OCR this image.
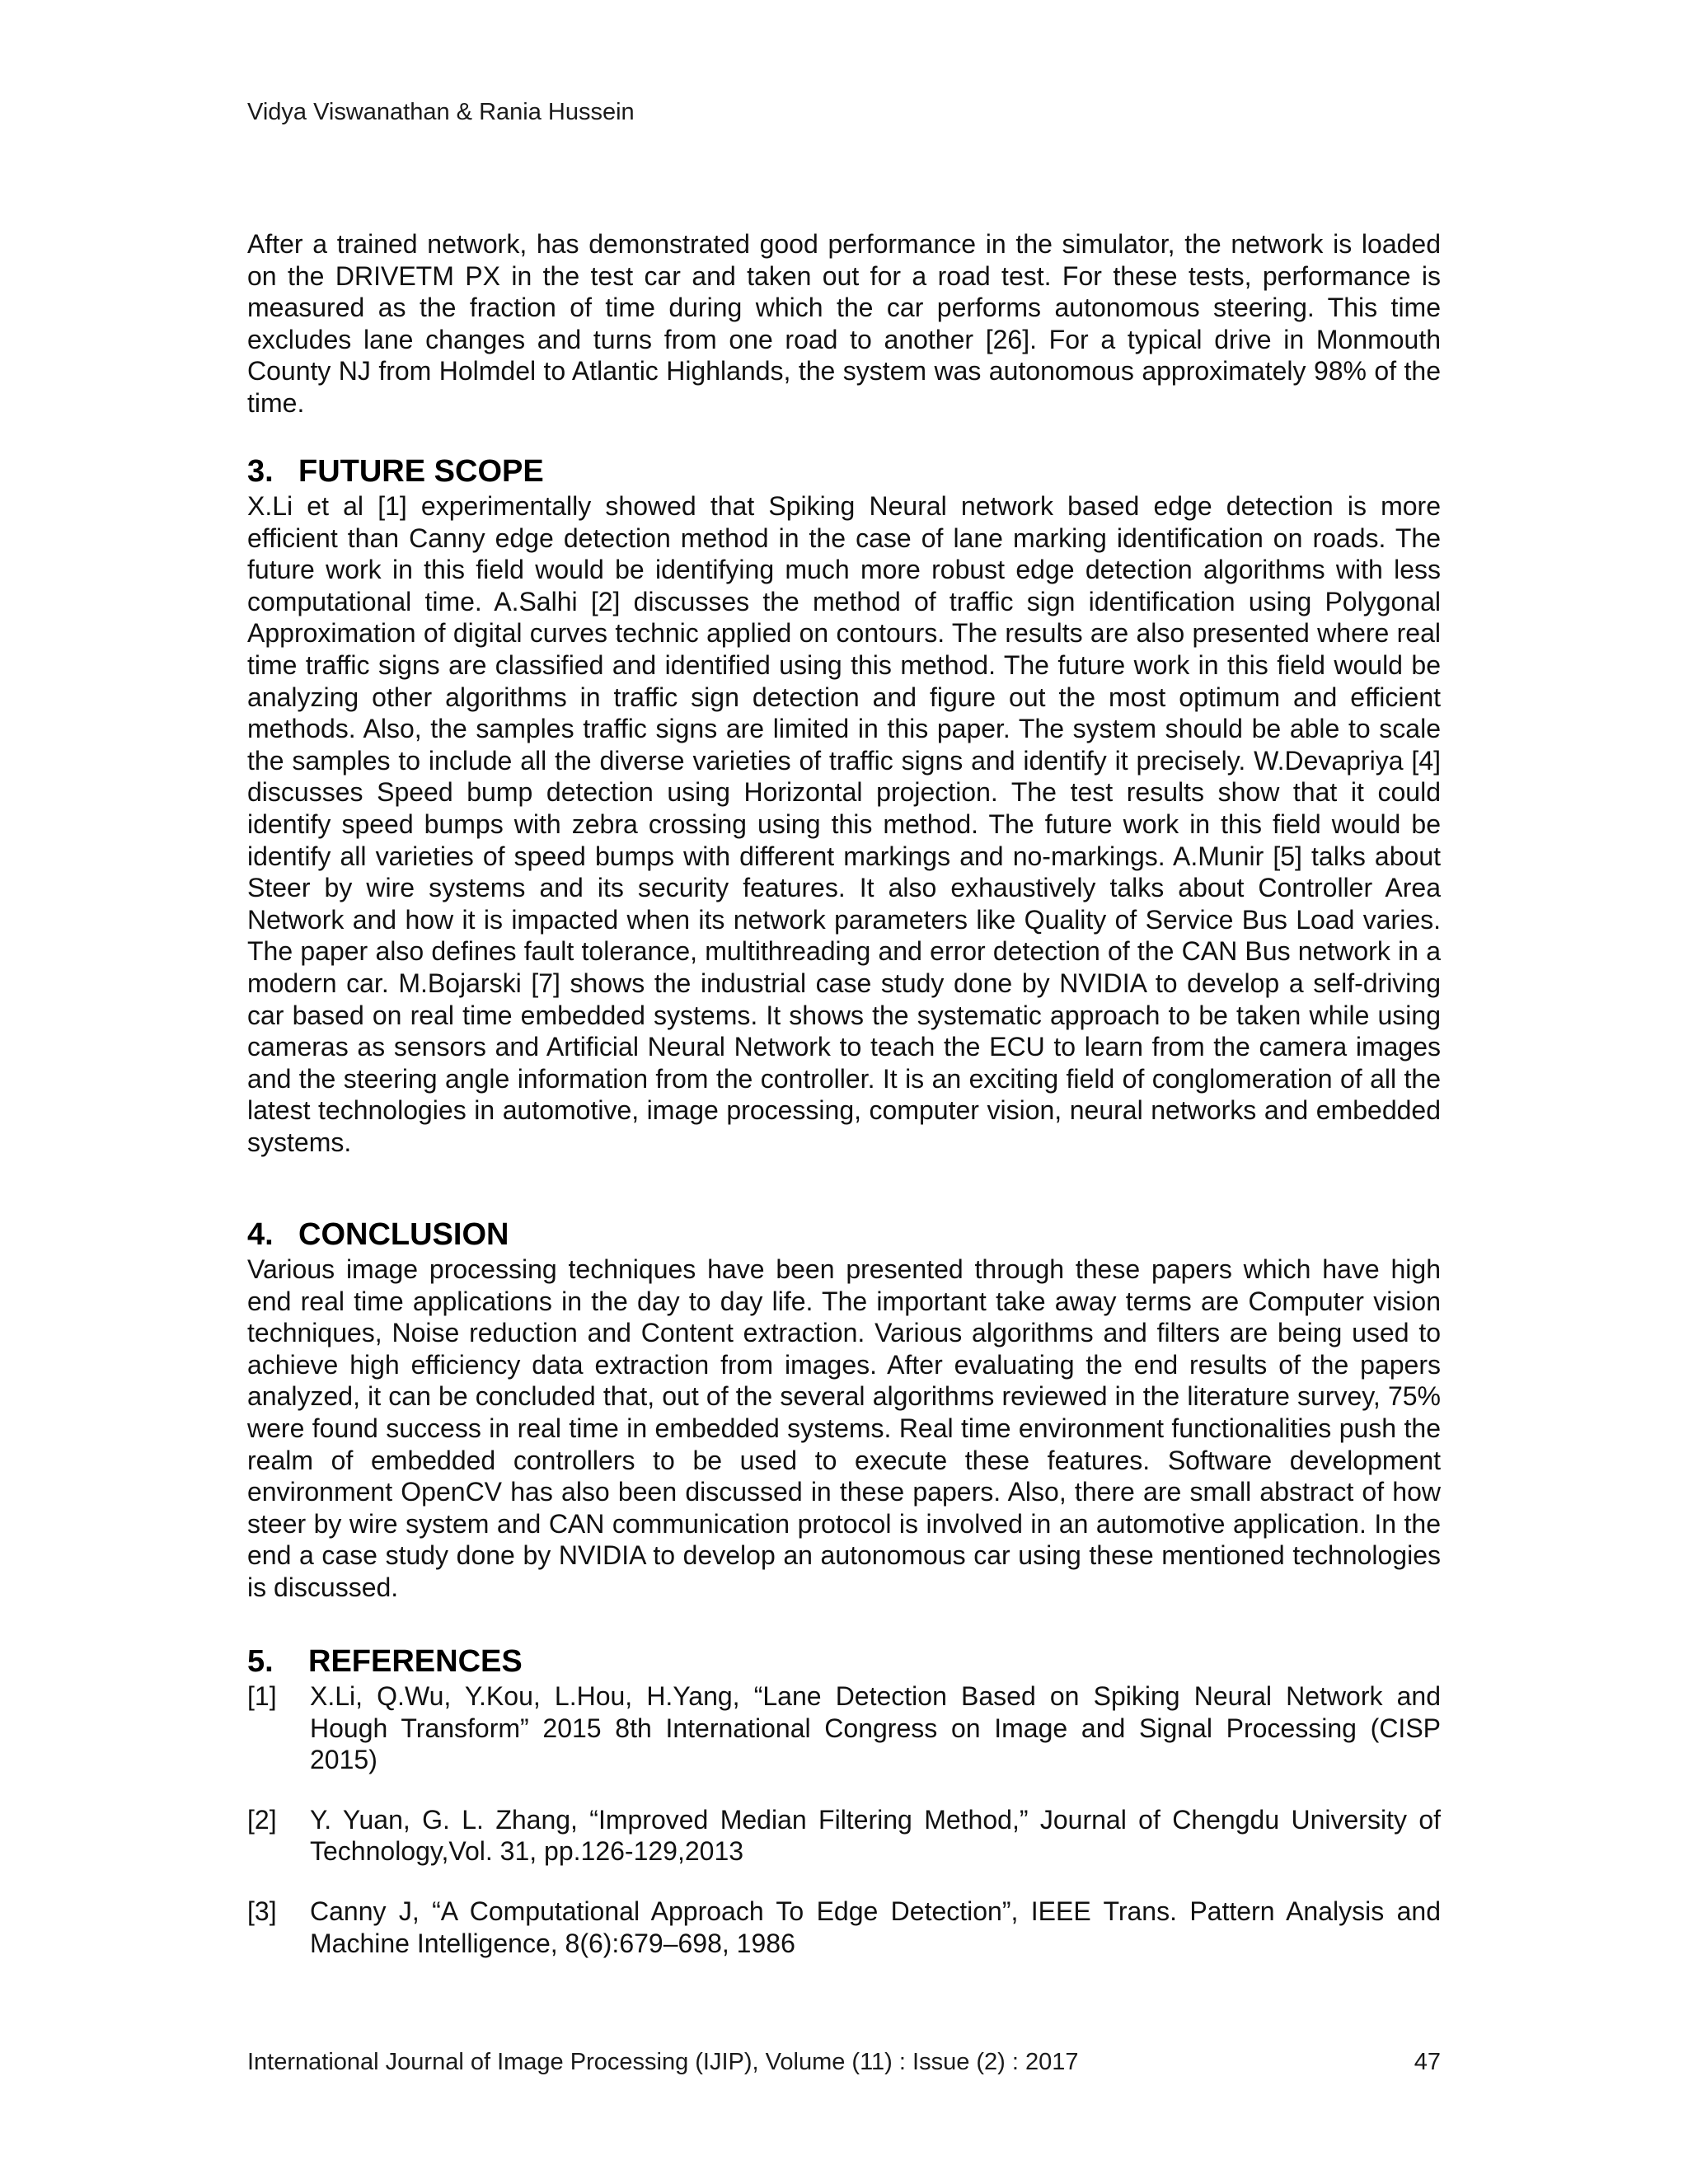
Vidya Viswanathan & Rania Hussein

After a trained network, has demonstrated good performance in the simulator, the network is loaded on the DRIVETM PX in the test car and taken out for a road test. For these tests, performance is measured as the fraction of time during which the car performs autonomous steering. This time excludes lane changes and turns from one road to another [26]. For a typical drive in Monmouth County NJ from Holmdel to Atlantic Highlands, the system was autonomous approximately 98% of the time.

3. FUTURE SCOPE

X.Li et al [1] experimentally showed that Spiking Neural network based edge detection is more efficient than Canny edge detection method in the case of lane marking identification on roads. The future work in this field would be identifying much more robust edge detection algorithms with less computational time. A.Salhi [2] discusses the method of traffic sign identification using Polygonal Approximation of digital curves technic applied on contours. The results are also presented where real time traffic signs are classified and identified using this method. The future work in this field would be analyzing other algorithms in traffic sign detection and figure out the most optimum and efficient methods. Also, the samples traffic signs are limited in this paper. The system should be able to scale the samples to include all the diverse varieties of traffic signs and identify it precisely. W.Devapriya [4] discusses Speed bump detection using Horizontal projection. The test results show that it could identify speed bumps with zebra crossing using this method. The future work in this field would be identify all varieties of speed bumps with different markings and no-markings. A.Munir [5] talks about Steer by wire systems and its security features. It also exhaustively talks about Controller Area Network and how it is impacted when its network parameters like Quality of Service Bus Load varies. The paper also defines fault tolerance, multithreading and error detection of the CAN Bus network in a modern car. M.Bojarski [7] shows the industrial case study done by NVIDIA to develop a self-driving car based on real time embedded systems. It shows the systematic approach to be taken while using cameras as sensors and Artificial Neural Network to teach the ECU to learn from the camera images and the steering angle information from the controller. It is an exciting field of conglomeration of all the latest technologies in automotive, image processing, computer vision, neural networks and embedded systems.

4. CONCLUSION

Various image processing techniques have been presented through these papers which have high end real time applications in the day to day life. The important take away terms are Computer vision techniques, Noise reduction and Content extraction. Various algorithms and filters are being used to achieve high efficiency data extraction from images. After evaluating the end results of the papers analyzed, it can be concluded that, out of the several algorithms reviewed in the literature survey, 75% were found success in real time in embedded systems. Real time environment functionalities push the realm of embedded controllers to be used to execute these features. Software development environment OpenCV has also been discussed in these papers. Also, there are small abstract of how steer by wire system and CAN communication protocol is involved in an automotive application. In the end a case study done by NVIDIA to develop an autonomous car using these mentioned technologies is discussed.

5. REFERENCES
[1]	X.Li, Q.Wu, Y.Kou, L.Hou, H.Yang, “Lane Detection Based on Spiking Neural Network and Hough Transform” 2015 8th International Congress on Image and Signal Processing (CISP 2015)
[2]	Y. Yuan, G. L. Zhang, “Improved Median Filtering Method,” Journal of Chengdu University of Technology,Vol. 31, pp.126-129,2013
[3]	Canny J, “A Computational Approach To Edge Detection”, IEEE Trans. Pattern Analysis and Machine Intelligence, 8(6):679–698, 1986
International Journal of Image Processing (IJIP), Volume (11) : Issue (2) : 2017	47
